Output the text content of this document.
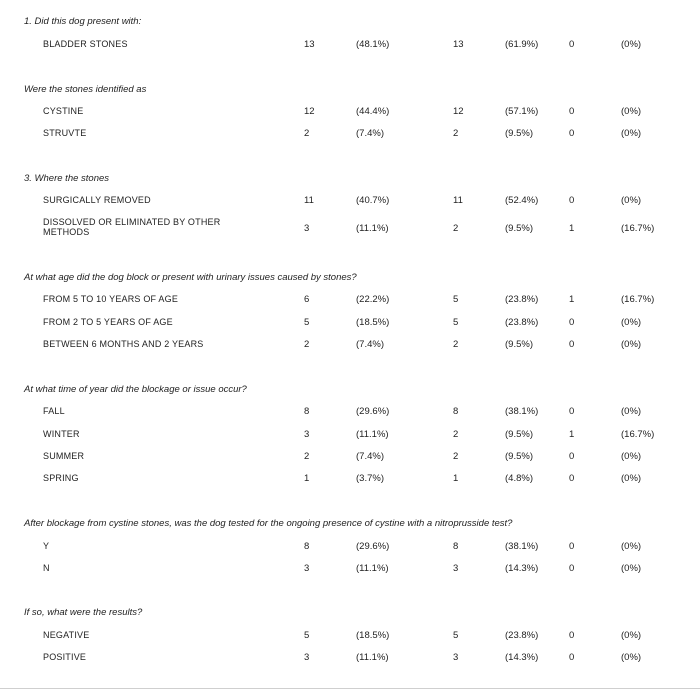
1. Did this dog present with:
BLADDER STONES	13	(48.1%)	13	(61.9%)	0	(0%)
Were the stones identified as
CYSTINE	12	(44.4%)	12	(57.1%)	0	(0%)
STRUVTE	2	(7.4%)	2	(9.5%)	0	(0%)
3. Where the stones
SURGICALLY REMOVED	11	(40.7%)	11	(52.4%)	0	(0%)
DISSOLVED OR ELIMINATED BY OTHER
METHODS	3	(11.1%)	2	(9.5%)	1	(16.7%)
At what age did the dog block or present with urinary issues caused by stones?
FROM 5 TO 10 YEARS OF AGE	6	(22.2%)	5	(23.8%)	1	(16.7%)
FROM 2 TO 5 YEARS OF AGE	5	(18.5%)	5	(23.8%)	0	(0%)
BETWEEN 6 MONTHS AND 2 YEARS	2	(7.4%)	2	(9.5%)	0	(0%)
At what time of year did the blockage or issue occur?
FALL	8	(29.6%)	8	(38.1%)	0	(0%)
WINTER	3	(11.1%)	2	(9.5%)	1	(16.7%)
SUMMER	2	(7.4%)	2	(9.5%)	0	(0%)
SPRING	1	(3.7%)	1	(4.8%)	0	(0%)
After blockage from cystine stones, was the dog tested for the ongoing presence of cystine with a nitroprusside test?
Y	8	(29.6%)	8	(38.1%)	0	(0%)
N	3	(11.1%)	3	(14.3%)	0	(0%)
If so, what were the results?
NEGATIVE	5	(18.5%)	5	(23.8%)	0	(0%)
POSITIVE	3	(11.1%)	3	(14.3%)	0	(0%)
